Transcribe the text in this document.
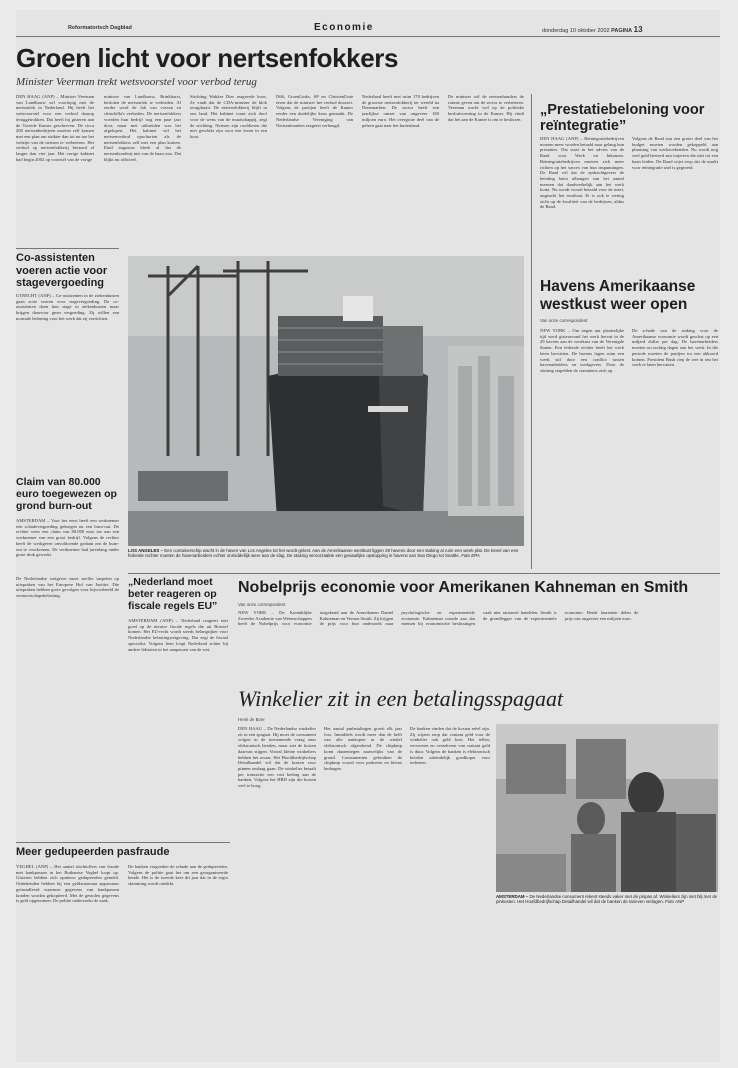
Reformatorisch Dagblad	Economie	donderdag 10 oktober 2002 PAGINA 13
Groen licht voor nertsenfokkers
Minister Veerman trekt wetsvoorstel voor verbod terug
DEN HAAG (ANP) – Minister Veerman van Landbouw wil voorlopig niet de nertsenfok in Nederland. Hij heeft het wetsvoorstel voor een verbod daarop teruggetrokken. Dat heeft hij gisteren aan de Tweede Kamer geschreven. De circa 200 nertsenbedrijven moeten zelf komen met een plan om strikter dan tot nu toe het welzijn van de nertsen te verbeteren. Het verbod op nertsenfokkerij bestond al langer dan vier jaar. Het vorige kabinet had begin 2002 op voorstel van de vorige
minister van Landbouw, Brinkhorst, besloten de nertsenfok te verbieden. Al eerder werd de fok van vossen en chinchilla's verboden. De nertsenfokkers voerden hun bedrijf nog een paar jaar door, maar met uitbreiden was het afgelopen. Het kabinet wil het nertsenverbod opschorten als de nertsenfokkers zelf met een plan komen. Eind augustus bleek al dat de nertsenhouderij niet van de baan was. Dat blijkt nu officieel.
Stichting Wakker Dier reageerde boos. Ze vindt dat de CDA-minister de klok terugdraait. De nertsenfokkerij blijft in ons land. Het kabinet toont zich doof voor de wens van de maatschappij, zegt de stichting. Nertsen zijn roofdieren die niet geschikt zijn voor een leven in een kooi.
D66, GroenLinks, SP en ChristenUnie eisen dat de minister het verbod doorzet. Volgens de partijen heeft de Kamer eerder een duidelijke keus gemaakt. De Nederlandse Vereniging van Nertsenhouders reageert verheugd.
Nederland heeft met ruim 170 bedrijven de grootste nertsenfokkerij ter wereld na Denemarken. De sector heeft een jaarlijkse omzet van ongeveer 180 miljoen euro. Het overgrote deel van de pelzen gaat naar het buitenland.
De minister wil de nertsenhouders de ruimte geven om de sector te verbeteren. Veerman wacht wel op de politieke besluitvorming in de Kamer. Hij vindt dat het aan de Kamer is om te beslissen.
„Prestatiebeloning voor reïntegratie”
DEN HAAG (ANP) – Reïntegratiebedrijven moeten meer worden betaald naar gelang hun prestaties. Dat staat in het advies van de Raad voor Werk en Inkomen. Reïntegratiebedrijven moeten zich meer richten op het succes van hun inspanningen. De Raad wil dat de opdrachtgevers de betaling laten afhangen van het aantal mensen dat daadwerkelijk aan het werk komt. Nu wordt vooral betaald voor de inzet, ongeacht het resultaat. Er is ook te weinig zicht op de kwaliteit van de bedrijven, aldus de Raad.
Volgens de Raad zou een groter deel van het budget moeten worden gekoppeld aan plaatsing van werkzoekenden. Nu wordt nog veel geld besteed aan trajecten die niet tot een baan leiden. De Raad wijst erop dat de markt voor reïntegratie snel is gegroeid.
Co-assistenten voeren actie voor stagevergoeding
UTRECHT (ANP) – Co-assistenten in de ziekenhuizen gaan actie voeren voor stagevergoeding. De co-assistenten doen hun stage in ziekenhuizen maar krijgen daarvoor geen vergoeding. Zij willen een normale beloning voor het werk dat zij verrichten.
Claim van 80.000 euro toegewezen op grond burn-out
AMSTERDAM – Voor het eerst heeft een werknemer een schadevergoeding gekregen na een burn-out. De rechter wees een claim van 80.000 euro toe aan een werknemer van een groot bedrijf. Volgens de rechter heeft de werkgever onvoldoende gedaan om de burn-out te voorkomen. De werknemer had jarenlang onder grote druk gewerkt.
LOS ANGELES – Een containerschip wacht in de haven van Los Angeles tot het wordt gelost. Aan de Amerikaanse westkust liggen 29 havens door een staking al ruim een week plat. De bevel van een federale rechter moeten de havenarbeiders echter onmiddellijk weer aan de slag. De staking veroorzaakte een gevaarlijke opstopping in havens van San Diego tot Seattle. Foto EPA
Havens Amerikaanse westkust weer open
Van onze correspondent
NEW YORK – Om negen uur plaatselijke tijd werd gisteravond het werk hervat in de 29 havens aan de westkust van de Verenigde Staten. Een federale rechter heeft het werk laten hervatten. De havens lagen ruim een week stil door een conflict tussen havenarbeiders en werkgevers. Door de sluiting stapelden de containers zich op.
De schade van de staking voor de Amerikaanse economie wordt geschat op een miljard dollar per dag. De havenarbeiders moeten nu tachtig dagen aan het werk. In die periode moeten de partijen tot een akkoord komen. President Bush riep de wet in om het werk te laten hervatten.
„Nederland moet beter reageren op fiscale regels EU”
AMSTERDAM (ANP) – Nederland reageert niet goed op de nieuwe fiscale regels die uit Brussel komen. Het EU-recht wordt steeds belangrijker voor Nederlandse belastingwetgeving. Dat zegt de fiscaal specialist. Volgens hem loopt Nederland achter bij andere lidstaten in het aanpassen van de wet.
De Nederlandse wetgever moet sneller inspelen op uitspraken van het Europese Hof van Justitie. Die uitspraken hebben grote gevolgen voor bijvoorbeeld de vennootschapsbelasting.	Nobelprijs economie voor Amerikanen Kahneman en Smith
Van onze correspondent
NEW YORK – De Koninklijke Zweedse Academie van Wetenschappen heeft de Nobelprijs voor economie toegekend aan de Amerikanen Daniel Kahneman en Vernon Smith. Zij krijgen de prijs voor hun onderzoek naar psychologische en experimentele economie. Kahneman toonde aan dat mensen bij economische beslissingen vaak niet rationeel handelen. Smith is de grondlegger van de experimentele economie. Beide laureaten delen de prijs van ongeveer een miljoen euro.
Winkelier zit in een betalingsspagaat
Henk de Boer
DEN HAAG – De Nederlandse winkelier zit in een spagaat. Hij moet de consument volgen in de toenemende vraag naar elektronisch betalen, maar ziet de kosten daarvan stijgen. Vooral kleine winkeliers hebben het zwaar. Het Hoofdbedrijfschap Detailhandel wil dat de kosten voor pinnen omlaag gaan. De winkelier betaalt per transactie een vast bedrag aan de banken. Volgens het HBD zijn die kosten veel te hoog.
Het aantal pinbetalingen groeit elk jaar fors. Inmiddels wordt meer dan de helft van alle aankopen in de winkel elektronisch afgerekend. De chipknip komt daarentegen nauwelijks van de grond. Consumenten gebruiken de chipknip vooral voor parkeren en kleine bedragen.
De banken vinden dat de kosten reëel zijn. Zij wijzen erop dat contant geld voor de winkelier ook geld kost. Het tellen, vervoeren en verzekeren van contant geld is duur. Volgens de banken is elektronisch betalen uiteindelijk goedkoper voor iedereen.
AMSTERDAM – De Nederlandse consument rekent steeds vaker met de pinpas af. Winkeliers zijn niet blij met de pinkosten. Het Hoofdbedrijfschap Detailhandel wil dat de banken de tarieven verlagen. Foto ANP
Meer gedupeerden pasfraude
VEGHEL (ANP) – Het aantal slachtoffers van fraude met bankpassen in het Brabantse Veghel loopt op. Gisteren hebben zich opnieuw gedupeerden gemeld. Onbekenden hebben bij een geldautomaat apparatuur geïnstalleerd waarmee gegevens van bankpassen konden worden gekopieerd. Met de gestolen gegevens is geld opgenomen. De politie onderzoekt de zaak.
De banken vergoeden de schade aan de gedupeerden. Volgens de politie gaat het om een georganiseerde bende. Het is de tweede keer dit jaar dat in de regio skimming wordt ontdekt.
